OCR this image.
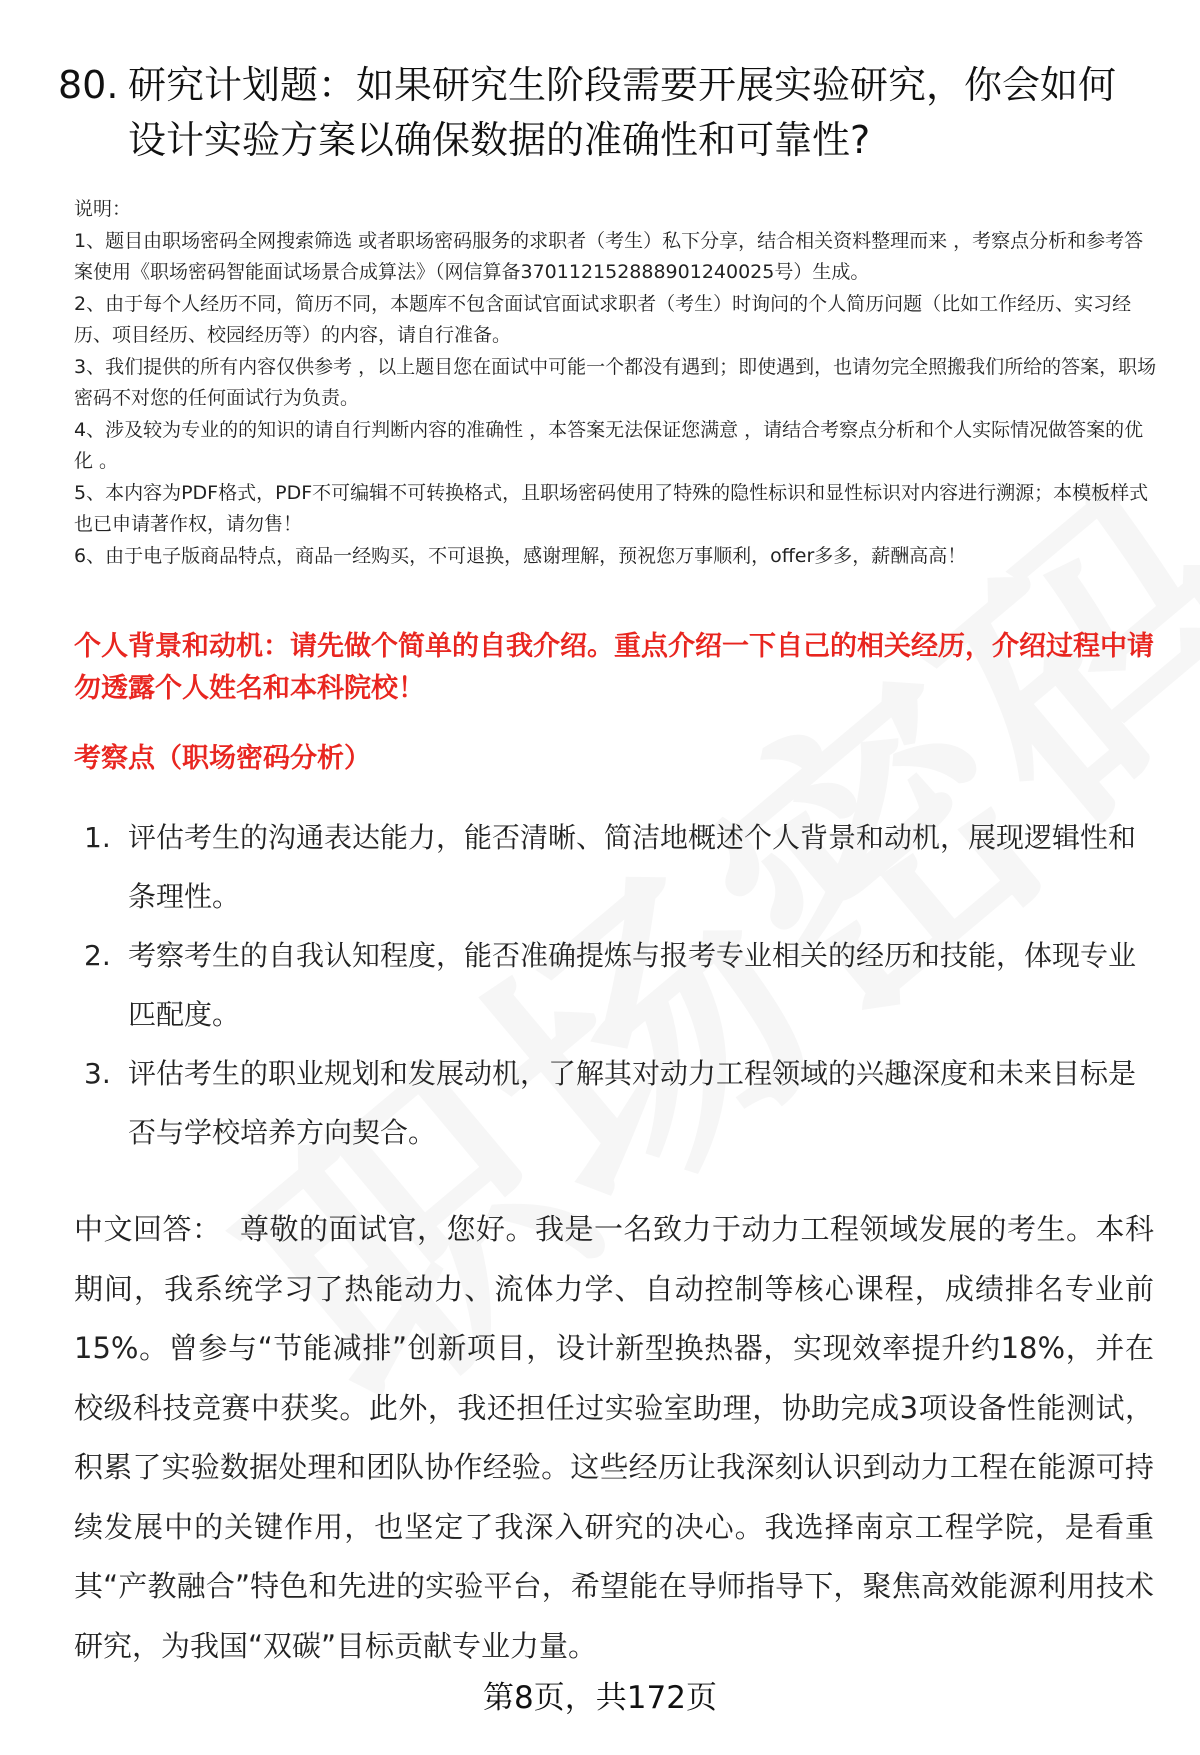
80. 研究计划题：如果研究生阶段需要开展实验研究，你会如何设计实验方案以确保数据的准确性和可靠性?
说明：
1、题目由职场密码全网搜索筛选 或者职场密码服务的求职者（考生）私下分享，结合相关资料整理而来 ，考察点分析和参考答案使用《职场密码智能面试场景合成算法》（网信算备370112152888901240025号）生成。
2、由于每个人经历不同，简历不同，本题库不包含面试官面试求职者（考生）时询问的个人简历问题（比如工作经历、实习经历、项目经历、校园经历等）的内容，请自行准备。
3、我们提供的所有内容仅供参考 ，以上题目您在面试中可能一个都没有遇到；即使遇到，也请勿完全照搬我们所给的答案，职场密码不对您的任何面试行为负责。
4、涉及较为专业的的知识的请自行判断内容的准确性 ，本答案无法保证您满意 ，请结合考察点分析和个人实际情况做答案的优化 。
5、本内容为PDF格式，PDF不可编辑不可转换格式，且职场密码使用了特殊的隐性标识和显性标识对内容进行溯源；本模板样式也已申请著作权，请勿售！
6、由于电子版商品特点，商品一经购买，不可退换，感谢理解，预祝您万事顺利，offer多多，薪酬高高！
个人背景和动机：请先做个简单的自我介绍。重点介绍一下自己的相关经历，介绍过程中请勿透露个人姓名和本科院校！
考察点（职场密码分析）
1. 评估考生的沟通表达能力，能否清晰、简洁地概述个人背景和动机，展现逻辑性和条理性。
2. 考察考生的自我认知程度，能否准确提炼与报考专业相关的经历和技能，体现专业匹配度。
3. 评估考生的职业规划和发展动机，了解其对动力工程领域的兴趣深度和未来目标是否与学校培养方向契合。
中文回答： 尊敬的面试官，您好。我是一名致力于动力工程领域发展的考生。本科期间，我系统学习了热能动力、流体力学、自动控制等核心课程，成绩排名专业前15%。曾参与“节能减排”创新项目，设计新型换热器，实现效率提升约18%，并在校级科技竞赛中获奖。此外，我还担任过实验室助理，协助完成3项设备性能测试，积累了实验数据处理和团队协作经验。这些经历让我深刻认识到动力工程在能源可持续发展中的关键作用，也坚定了我深入研究的决心。我选择南京工程学院，是看重其“产教融合”特色和先进的实验平台，希望能在导师指导下，聚焦高效能源利用技术研究，为我国“双碳”目标贡献专业力量。
第8页，共172页
